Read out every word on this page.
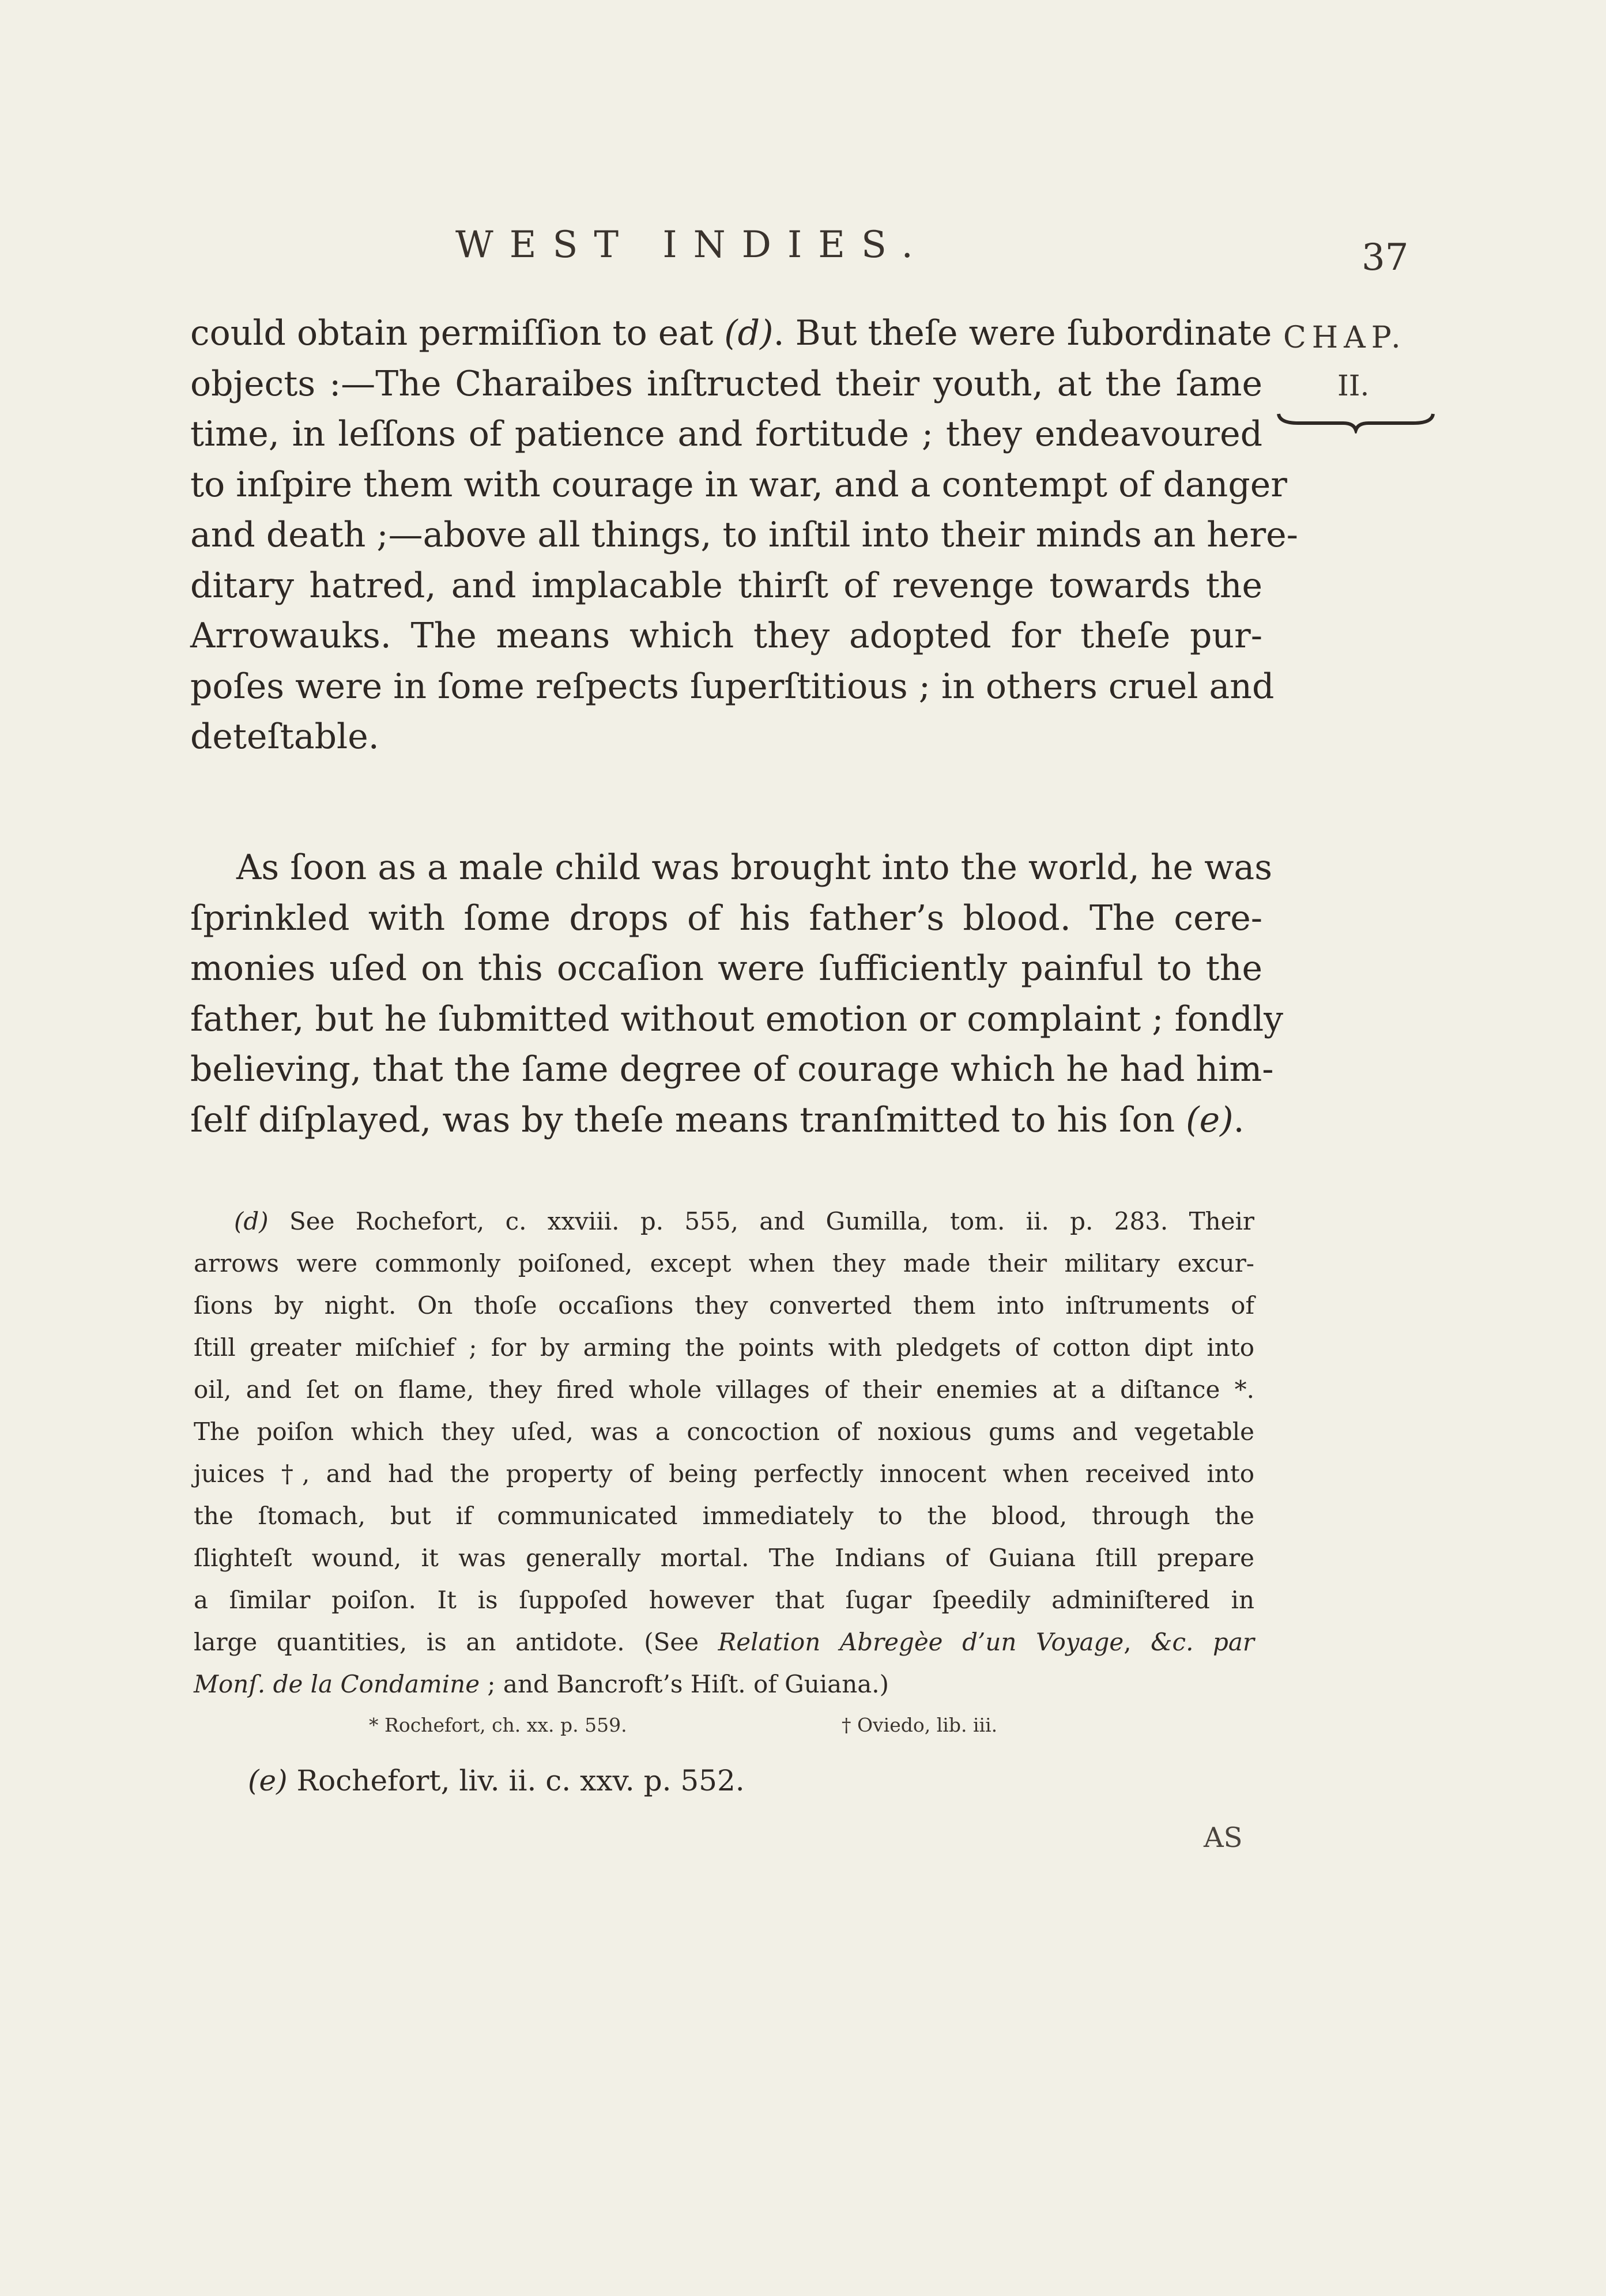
WEST INDIES.	37
CHAP.
II.
could obtain permiſſion to eat (d). But theſe were ſubordinate
objects :—The Charaibes inſtructed their youth, at the ſame
time, in leſſons of patience and fortitude ; they endeavoured
to inſpire them with courage in war, and a contempt of danger
and death ;—above all things, to inſtil into their minds an here-
ditary hatred, and implacable thirſt of revenge towards the
Arrowauks. The means which they adopted for theſe pur-
poſes were in ſome reſpects ſuperſtitious ; in others cruel and
deteſtable.
As ſoon as a male child was brought into the world, he was
ſprinkled with ſome drops of his father’s blood. The cere-
monies uſed on this occaſion were ſufficiently painful to the
father, but he ſubmitted without emotion or complaint ; fondly
believing, that the ſame degree of courage which he had him-
ſelf diſplayed, was by theſe means tranſmitted to his ſon (e).
(d) See Rochefort, c. xxviii. p. 555, and Gumilla, tom. ii. p. 283. Their
arrows were commonly poiſoned, except when they made their military excur-
ſions by night. On thoſe occaſions they converted them into inſtruments of
ſtill greater miſchief ; for by arming the points with pledgets of cotton dipt into
oil, and ſet on flame, they fired whole villages of their enemies at a diſtance *.
The poiſon which they uſed, was a concoction of noxious gums and vegetable
juices †, and had the property of being perfectly innocent when received into
the ſtomach, but if communicated immediately to the blood, through the
ſlighteſt wound, it was generally mortal. The Indians of Guiana ſtill prepare
a ſimilar poiſon. It is ſuppoſed however that ſugar ſpeedily adminiſtered in
large quantities, is an antidote. (See Relation Abregèe d’un Voyage, &c. par
Monſ. de la Condamine ; and Bancroft’s Hiſt. of Guiana.)
* Rochefort, ch. xx. p. 559.	† Oviedo, lib. iii.
(e) Rochefort, liv. ii. c. xxv. p. 552.
AS
